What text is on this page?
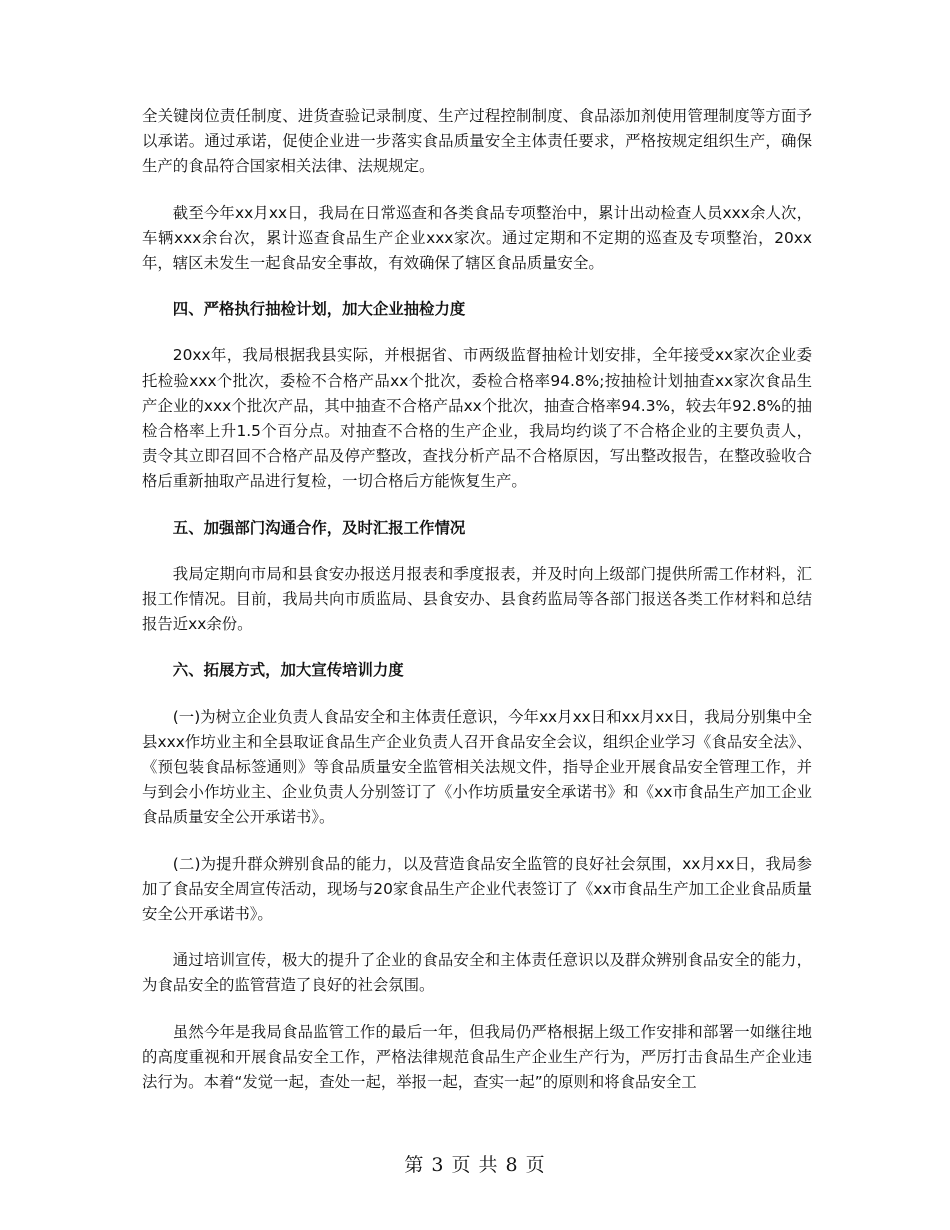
全关键岗位责任制度、进货查验记录制度、生产过程控制制度、食品添加剂使用管理制度等方面予以承诺。通过承诺，促使企业进一步落实食品质量安全主体责任要求，严格按规定组织生产，确保生产的食品符合国家相关法律、法规规定。

截至今年xx月xx日，我局在日常巡查和各类食品专项整治中，累计出动检查人员xxx余人次，车辆xxx余台次，累计巡查食品生产企业xxx家次。通过定期和不定期的巡查及专项整治，20xx年，辖区未发生一起食品安全事故，有效确保了辖区食品质量安全。

四、严格执行抽检计划，加大企业抽检力度

20xx年，我局根据我县实际，并根据省、市两级监督抽检计划安排，全年接受xx家次企业委托检验xxx个批次，委检不合格产品xx个批次，委检合格率94.8%;按抽检计划抽查xx家次食品生产企业的xxx个批次产品，其中抽查不合格产品xx个批次，抽查合格率94.3%，较去年92.8%的抽检合格率上升1.5个百分点。对抽查不合格的生产企业，我局均约谈了不合格企业的主要负责人，责令其立即召回不合格产品及停产整改，查找分析产品不合格原因，写出整改报告，在整改验收合格后重新抽取产品进行复检，一切合格后方能恢复生产。

五、加强部门沟通合作，及时汇报工作情况

我局定期向市局和县食安办报送月报表和季度报表，并及时向上级部门提供所需工作材料，汇报工作情况。目前，我局共向市质监局、县食安办、县食药监局等各部门报送各类工作材料和总结报告近xx余份。

六、拓展方式，加大宣传培训力度

(一)为树立企业负责人食品安全和主体责任意识，今年xx月xx日和xx月xx日，我局分别集中全县xxx作坊业主和全县取证食品生产企业负责人召开食品安全会议，组织企业学习《食品安全法》、《预包装食品标签通则》等食品质量安全监管相关法规文件，指导企业开展食品安全管理工作，并与到会小作坊业主、企业负责人分别签订了《小作坊质量安全承诺书》和《xx市食品生产加工企业食品质量安全公开承诺书》。

(二)为提升群众辨别食品的能力，以及营造食品安全监管的良好社会氛围，xx月xx日，我局参加了食品安全周宣传活动，现场与20家食品生产企业代表签订了《xx市食品生产加工企业食品质量安全公开承诺书》。

通过培训宣传，极大的提升了企业的食品安全和主体责任意识以及群众辨别食品安全的能力，为食品安全的监管营造了良好的社会氛围。

虽然今年是我局食品监管工作的最后一年，但我局仍严格根据上级工作安排和部署一如继往地的高度重视和开展食品安全工作，严格法律规范食品生产企业生产行为，严厉打击食品生产企业违法行为。本着“发觉一起，查处一起，举报一起，查实一起”的原则和将食品安全工

第 3 页 共 8 页
